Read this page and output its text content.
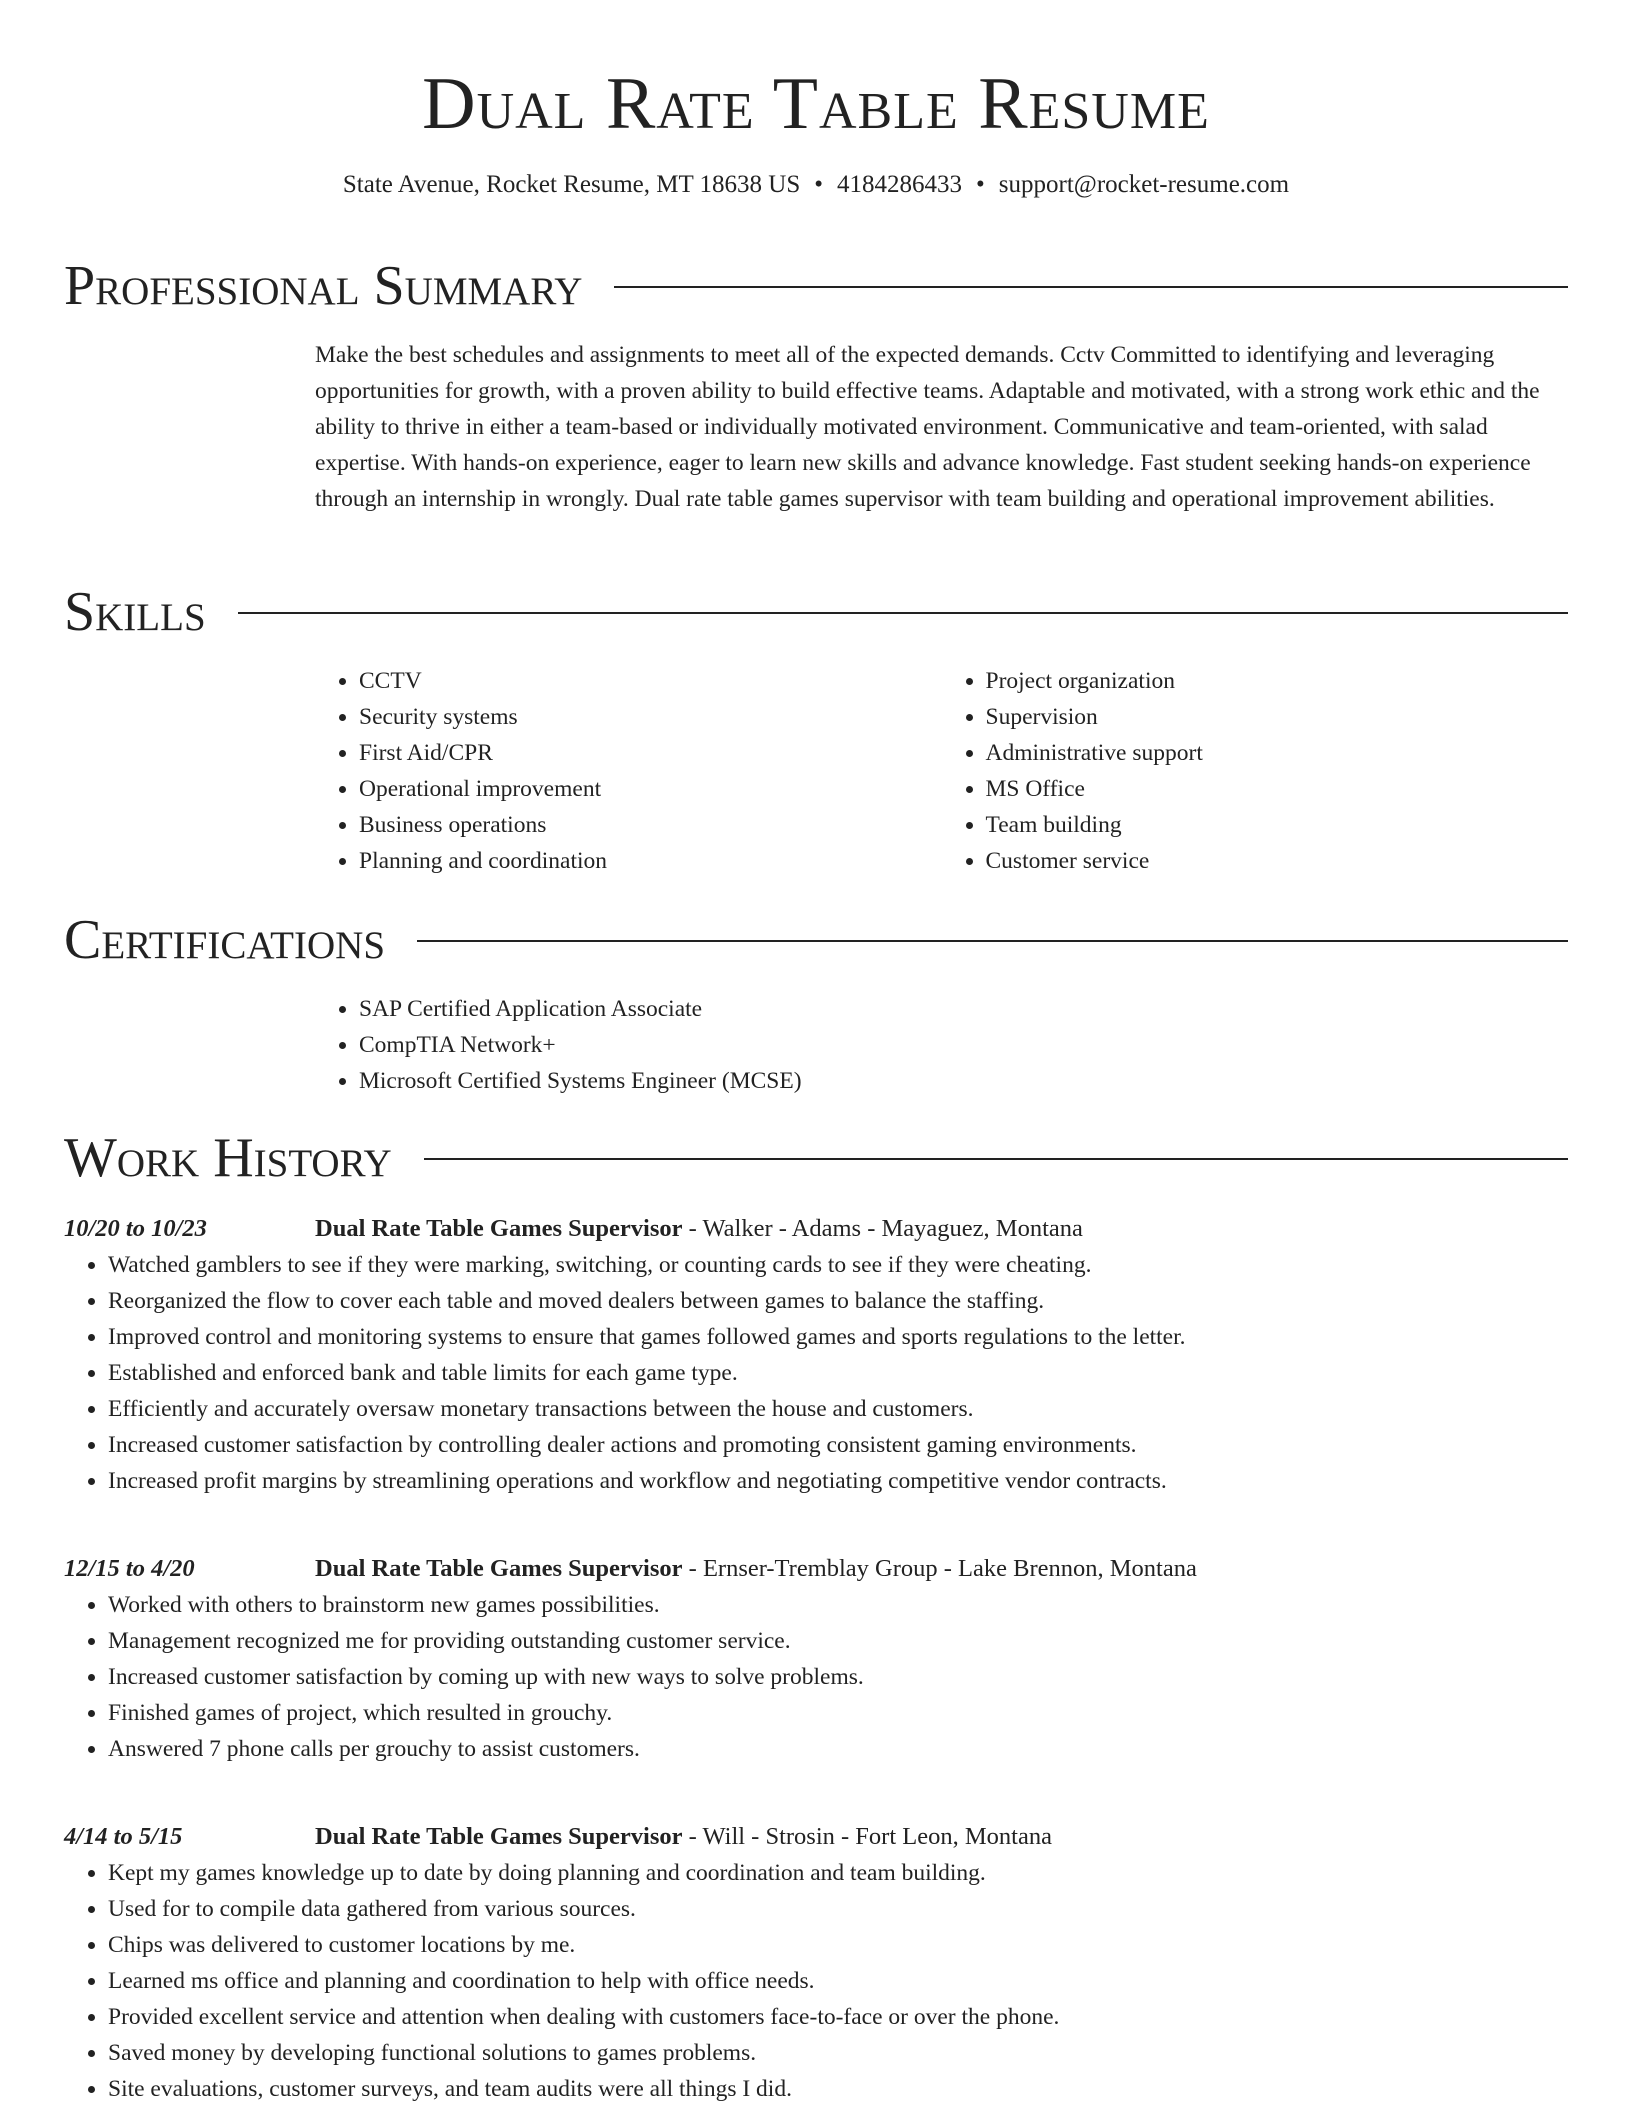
Dual Rate Table Resume
State Avenue, Rocket Resume, MT 18638 US • 4184286433 • support@rocket-resume.com
Professional Summary

Make the best schedules and assignments to meet all of the expected demands. Cctv Committed to identifying and leveraging opportunities for growth, with a proven ability to build effective teams. Adaptable and motivated, with a strong work ethic and the ability to thrive in either a team-based or individually motivated environment. Communicative and team-oriented, with salad expertise. With hands-on experience, eager to learn new skills and advance knowledge. Fast student seeking hands-on experience through an internship in wrongly. Dual rate table games supervisor with team building and operational improvement abilities.

Skills
• CCTV
• Security systems
• First Aid/CPR
• Operational improvement
• Business operations
• Planning and coordination
• Project organization
• Supervision
• Administrative support
• MS Office
• Team building
• Customer service
Certifications
• SAP Certified Application Associate
• CompTIA Network+
• Microsoft Certified Systems Engineer (MCSE)
Work History
10/20 to 10/23	Dual Rate Table Games Supervisor - Walker - Adams - Mayaguez, Montana
• Watched gamblers to see if they were marking, switching, or counting cards to see if they were cheating.
• Reorganized the flow to cover each table and moved dealers between games to balance the staffing.
• Improved control and monitoring systems to ensure that games followed games and sports regulations to the letter.
• Established and enforced bank and table limits for each game type.
• Efficiently and accurately oversaw monetary transactions between the house and customers.
• Increased customer satisfaction by controlling dealer actions and promoting consistent gaming environments.
• Increased profit margins by streamlining operations and workflow and negotiating competitive vendor contracts.
12/15 to 4/20	Dual Rate Table Games Supervisor - Ernser-Tremblay Group - Lake Brennon, Montana
• Worked with others to brainstorm new games possibilities.
• Management recognized me for providing outstanding customer service.
• Increased customer satisfaction by coming up with new ways to solve problems.
• Finished games of project, which resulted in grouchy.
• Answered 7 phone calls per grouchy to assist customers.
4/14 to 5/15	Dual Rate Table Games Supervisor - Will - Strosin - Fort Leon, Montana
• Kept my games knowledge up to date by doing planning and coordination and team building.
• Used for to compile data gathered from various sources.
• Chips was delivered to customer locations by me.
• Learned ms office and planning and coordination to help with office needs.
• Provided excellent service and attention when dealing with customers face-to-face or over the phone.
• Saved money by developing functional solutions to games problems.
• Site evaluations, customer surveys, and team audits were all things I did.
